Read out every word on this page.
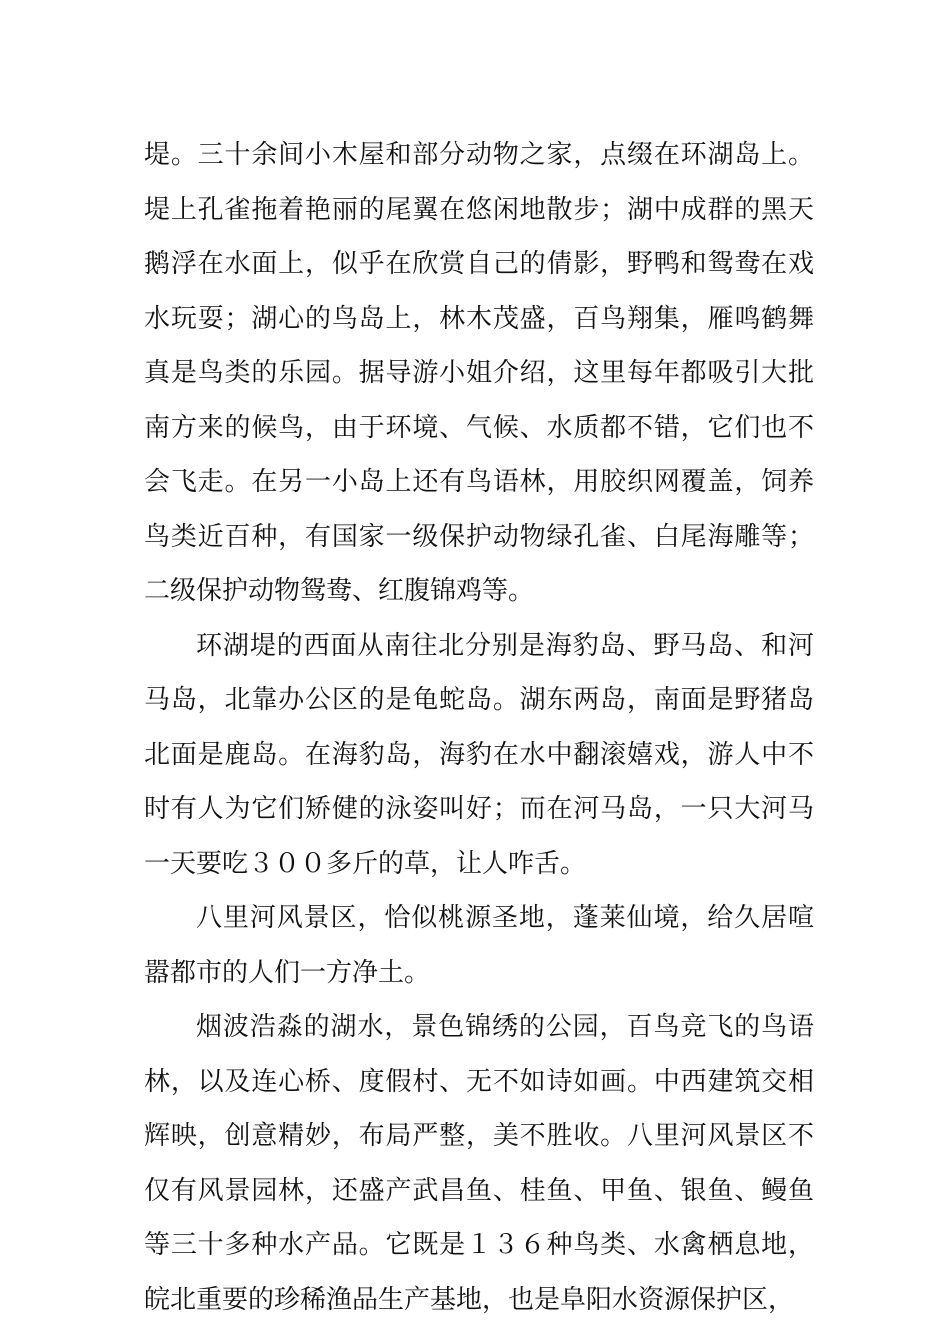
堤。三十余间小木屋和部分动物之家，点缀在环湖岛上。堤上孔雀拖着艳丽的尾翼在悠闲地散步；湖中成群的黑天鹅浮在水面上，似乎在欣赏自己的倩影，野鸭和鸳鸯在戏水玩耍；湖心的鸟岛上，林木茂盛，百鸟翔集，雁鸣鹤舞真是鸟类的乐园。据导游小姐介绍，这里每年都吸引大批南方来的候鸟，由于环境、气候、水质都不错，它们也不会飞走。在另一小岛上还有鸟语林，用胶织网覆盖，饲养鸟类近百种，有国家一级保护动物绿孔雀、白尾海雕等；二级保护动物鸳鸯、红腹锦鸡等。

环湖堤的西面从南往北分别是海豹岛、野马岛、和河马岛，北靠办公区的是龟蛇岛。湖东两岛，南面是野猪岛北面是鹿岛。在海豹岛，海豹在水中翻滚嬉戏，游人中不时有人为它们矫健的泳姿叫好；而在河马岛，一只大河马一天要吃３００多斤的草，让人咋舌。

八里河风景区，恰似桃源圣地，蓬莱仙境，给久居喧嚣都市的人们一方净土。

烟波浩淼的湖水，景色锦绣的公园，百鸟竞飞的鸟语林，以及连心桥、度假村、无不如诗如画。中西建筑交相辉映，创意精妙，布局严整，美不胜收。八里河风景区不仅有风景园林，还盛产武昌鱼、桂鱼、甲鱼、银鱼、鳗鱼等三十多种水产品。它既是１３６种鸟类、水禽栖息地，皖北重要的珍稀渔品生产基地，也是阜阳水资源保护区，
